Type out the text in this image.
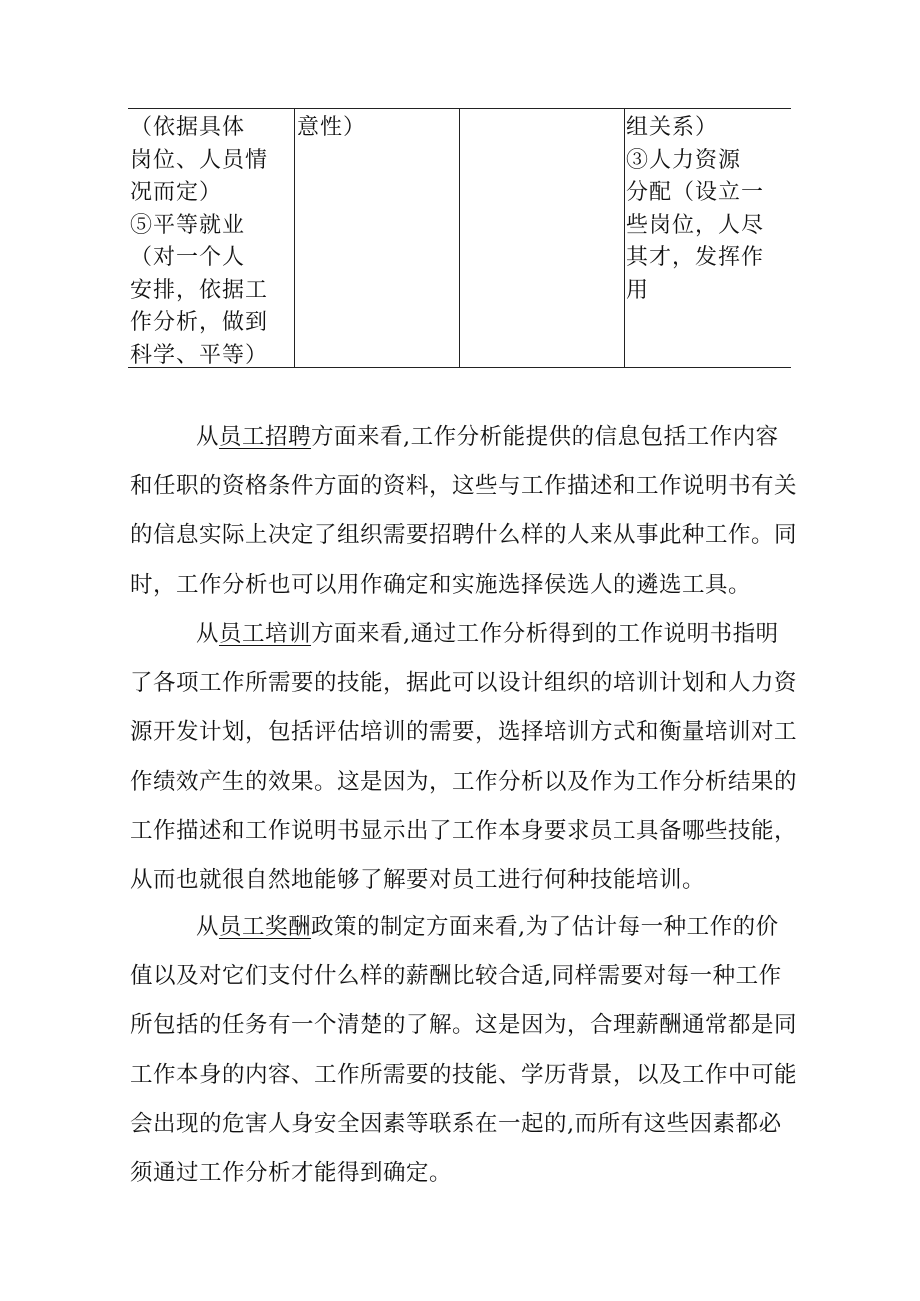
（依据具体
岗位、人员情
况而定）
⑤平等就业
（对一个人
安排，依据工
作分析，做到
科学、平等）
意性）	组关系）
③人力资源
分配（设立一
些岗位，人尽
其才，发挥作
用
从员工招聘方面来看,工作分析能提供的信息包括工作内容
和任职的资格条件方面的资料，这些与工作描述和工作说明书有关
的信息实际上决定了组织需要招聘什么样的人来从事此种工作。同
时，工作分析也可以用作确定和实施选择侯选人的遴选工具。
从员工培训方面来看,通过工作分析得到的工作说明书指明
了各项工作所需要的技能，据此可以设计组织的培训计划和人力资
源开发计划，包括评估培训的需要，选择培训方式和衡量培训对工
作绩效产生的效果。这是因为，工作分析以及作为工作分析结果的
工作描述和工作说明书显示出了工作本身要求员工具备哪些技能，
从而也就很自然地能够了解要对员工进行何种技能培训。
从员工奖酬政策的制定方面来看,为了估计每一种工作的价
值以及对它们支付什么样的薪酬比较合适,同样需要对每一种工作
所包括的任务有一个清楚的了解。这是因为，合理薪酬通常都是同
工作本身的内容、工作所需要的技能、学历背景，以及工作中可能
会出现的危害人身安全因素等联系在一起的,而所有这些因素都必
须通过工作分析才能得到确定。
